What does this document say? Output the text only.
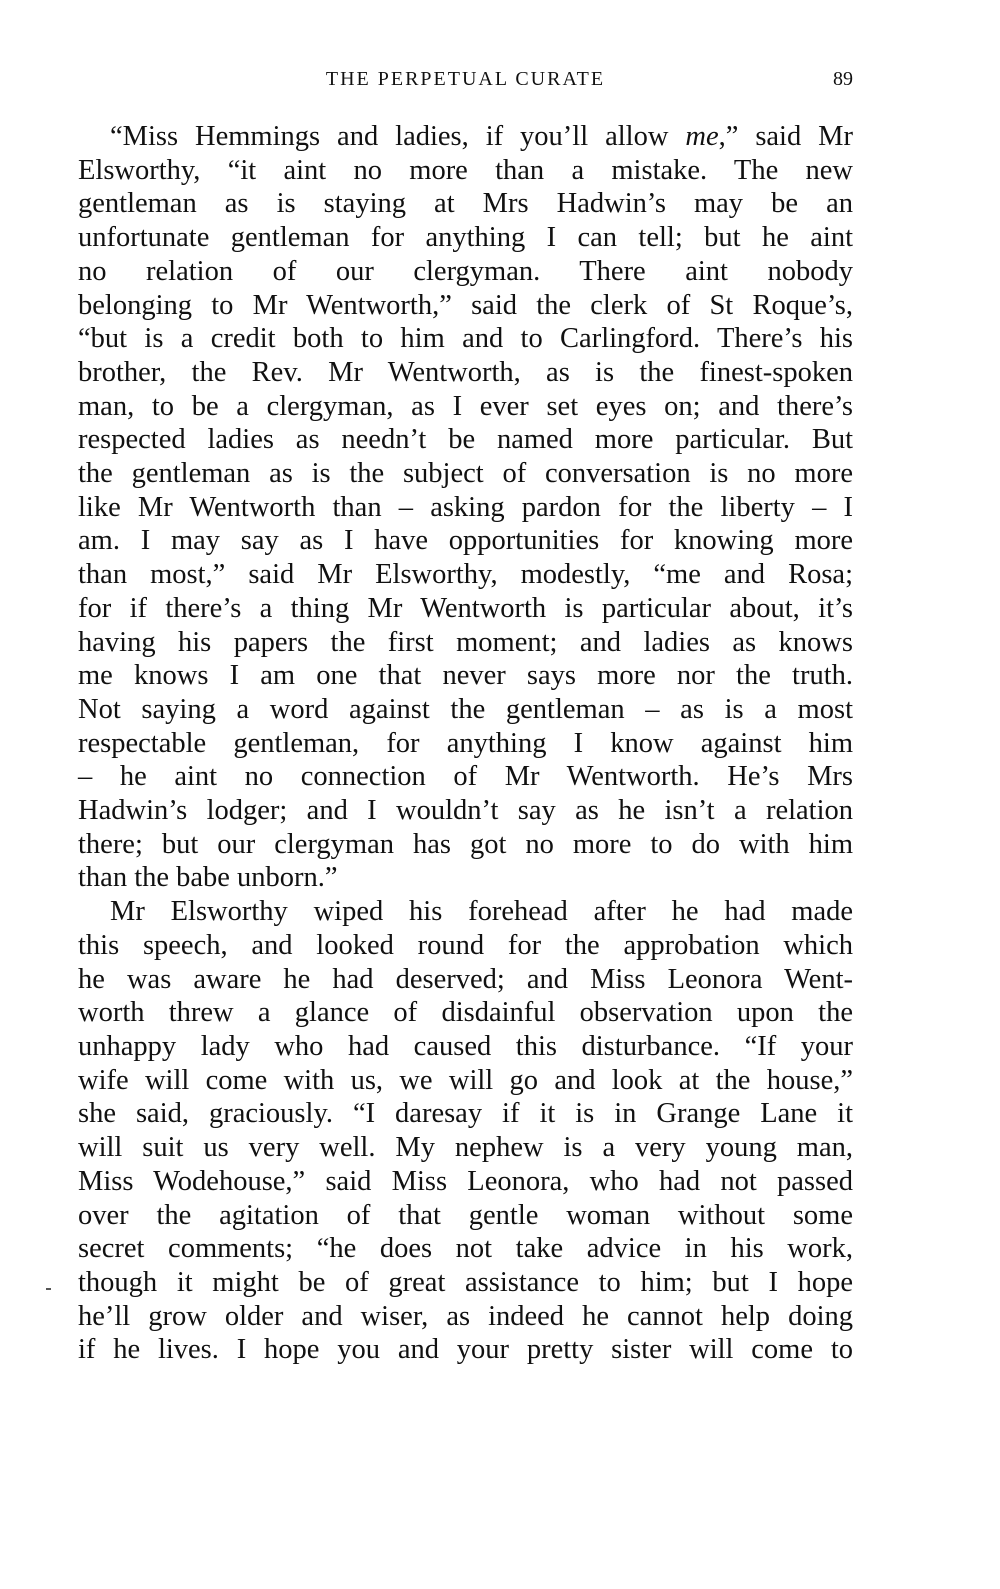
THE PERPETUAL CURATE	89
“Miss Hemmings and ladies, if you’ll allow me,” said Mr
Elsworthy, “it aint no more than a mistake. The new
gentleman as is staying at Mrs Hadwin’s may be an
unfortunate gentleman for anything I can tell; but he aint
no relation of our clergyman. There aint nobody
belonging to Mr Wentworth,” said the clerk of St Roque’s,
“but is a credit both to him and to Carlingford. There’s his
brother, the Rev. Mr Wentworth, as is the finest-spoken
man, to be a clergyman, as I ever set eyes on; and there’s
respected ladies as needn’t be named more particular. But
the gentleman as is the subject of conversation is no more
like Mr Wentworth than – asking pardon for the liberty – I
am. I may say as I have opportunities for knowing more
than most,” said Mr Elsworthy, modestly, “me and Rosa;
for if there’s a thing Mr Wentworth is particular about, it’s
having his papers the first moment; and ladies as knows
me knows I am one that never says more nor the truth.
Not saying a word against the gentleman – as is a most
respectable gentleman, for anything I know against him
– he aint no connection of Mr Wentworth. He’s Mrs
Hadwin’s lodger; and I wouldn’t say as he isn’t a relation
there; but our clergyman has got no more to do with him
than the babe unborn.”
Mr Elsworthy wiped his forehead after he had made
this speech, and looked round for the approbation which
he was aware he had deserved; and Miss Leonora Went-
worth threw a glance of disdainful observation upon the
unhappy lady who had caused this disturbance. “If your
wife will come with us, we will go and look at the house,”
she said, graciously. “I daresay if it is in Grange Lane it
will suit us very well. My nephew is a very young man,
Miss Wodehouse,” said Miss Leonora, who had not passed
over the agitation of that gentle woman without some
secret comments; “he does not take advice in his work,
though it might be of great assistance to him; but I hope
he’ll grow older and wiser, as indeed he cannot help doing
if he lives. I hope you and your pretty sister will come to
